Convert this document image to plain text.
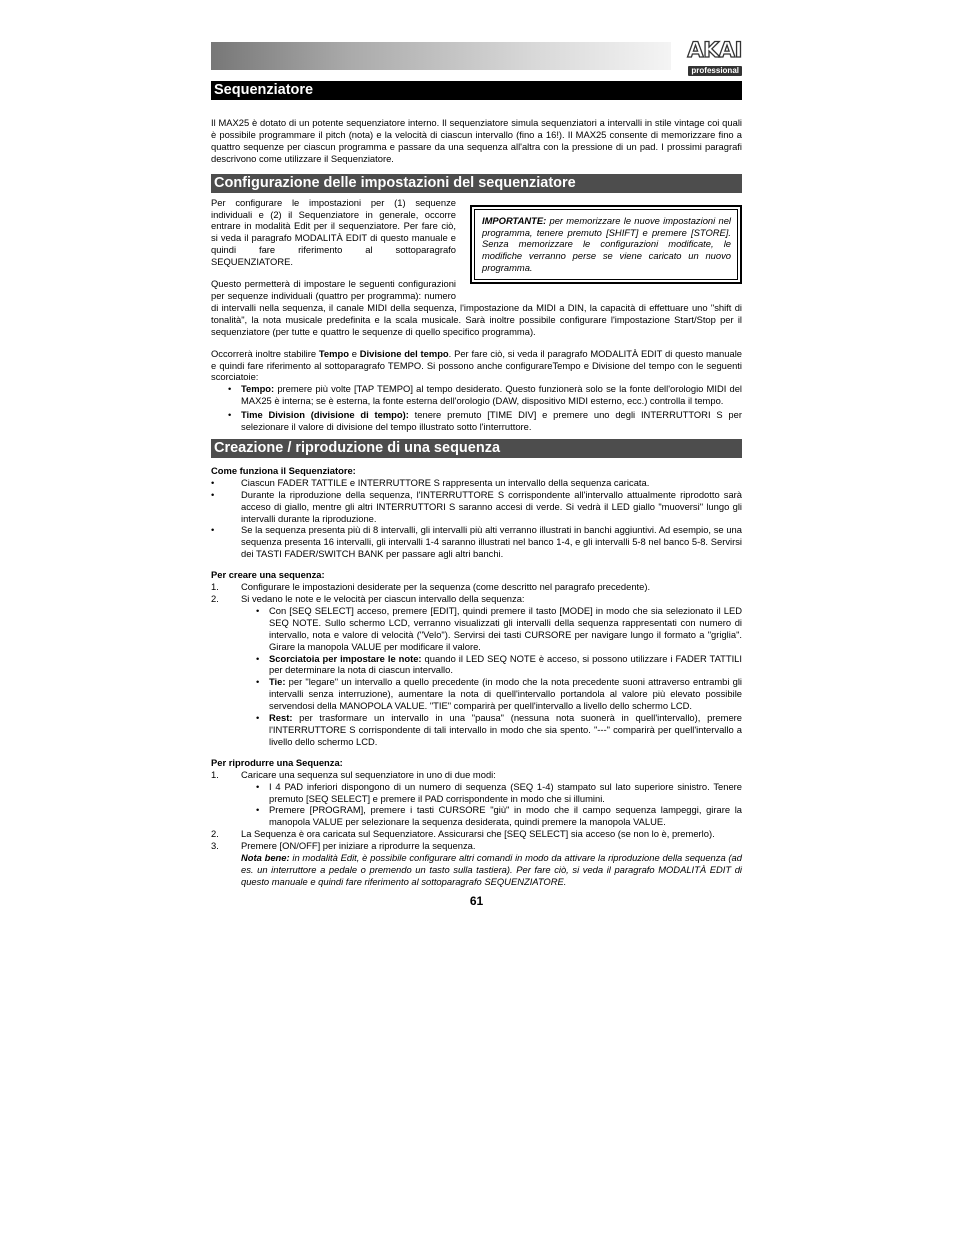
AKAI
professional
Sequenziatore

Il MAX25 è dotato di un potente sequenziatore interno. Il sequenziatore simula sequenziatori a intervalli in stile vintage coi quali è possibile programmare il pitch (nota) e la velocità di ciascun intervallo (fino a 16!). Il MAX25 consente di memorizzare fino a quattro sequenze per ciascun programma e passare da una sequenza all'altra con la pressione di un pad. I prossimi paragrafi descrivono come utilizzare il Sequenziatore.

Configurazione delle impostazioni del sequenziatore

IMPORTANTE: per memorizzare le nuove impostazioni nel programma, tenere premuto [SHIFT] e premere [STORE]. Senza memorizzare le configurazioni modificate, le modifiche verranno perse se viene caricato un nuovo programma.

Per configurare le impostazioni per (1) sequenze individuali e (2) il Sequenziatore in generale, occorre entrare in modalità Edit per il sequenziatore. Per fare ciò, si veda il paragrafo MODALITÀ EDIT di questo manuale e quindi fare riferimento al sottoparagrafo SEQUENZIATORE.

Questo permetterà di impostare le seguenti configurazioni per sequenze individuali (quattro per programma): numero di intervalli nella sequenza, il canale MIDI della sequenza, l'impostazione da MIDI a DIN, la capacità di effettuare uno "shift di tonalità", la nota musicale predefinita e la scala musicale. Sarà inoltre possibile configurare l'impostazione Start/Stop per il sequenziatore (per tutte e quattro le sequenze di quello specifico programma).

Occorrerà inoltre stabilire Tempo e Divisione del tempo. Per fare ciò, si veda il paragrafo MODALITÀ EDIT di questo manuale e quindi fare riferimento al sottoparagrafo TEMPO. Si possono anche configurareTempo e Divisione del tempo con le seguenti scorciatoie:

• Tempo: premere più volte [TAP TEMPO] al tempo desiderato. Questo funzionerà solo se la fonte dell'orologio MIDI del MAX25 è interna; se è esterna, la fonte esterna dell'orologio (DAW, dispositivo MIDI esterno, ecc.) controlla il tempo.
• Time Division (divisione di tempo): tenere premuto [TIME DIV] e premere uno degli INTERRUTTORI S per selezionare il valore di divisione del tempo illustrato sotto l'interruttore.
Creazione / riproduzione di una sequenza

Come funziona il Sequenziatore:

•	Ciascun FADER TATTILE e INTERRUTTORE S rappresenta un intervallo della sequenza caricata.
•	Durante la riproduzione della sequenza, l'INTERRUTTORE S corrispondente all'intervallo attualmente riprodotto sarà acceso di giallo, mentre gli altri INTERRUTTORI S saranno accesi di verde. Si vedrà il LED giallo "muoversi" lungo gli intervalli durante la riproduzione.
•	Se la sequenza presenta più di 8 intervalli, gli intervalli più alti verranno illustrati in banchi aggiuntivi. Ad esempio, se una sequenza presenta 16 intervalli, gli intervalli 1-4 saranno illustrati nel banco 1-4, e gli intervalli 5-8 nel banco 5-8. Servirsi dei TASTI FADER/SWITCH BANK per passare agli altri banchi.

Per creare una sequenza:

1. Configurare le impostazioni desiderate per la sequenza (come descritto nel paragrafo precedente).
2. Si vedano le note e le velocità per ciascun intervallo della sequenza:
• Con [SEQ SELECT] acceso, premere [EDIT], quindi premere il tasto [MODE] in modo che sia selezionato il LED SEQ NOTE. Sullo schermo LCD, verranno visualizzati gli intervalli della sequenza rappresentati con numero di intervallo, nota e valore di velocità ("Velo"). Servirsi dei tasti CURSORE per navigare lungo il formato a "griglia". Girare la manopola VALUE per modificare il valore.
• Scorciatoia per impostare le note: quando il LED SEQ NOTE è acceso, si possono utilizzare i FADER TATTILI per determinare la nota di ciascun intervallo.
• Tie: per "legare" un intervallo a quello precedente (in modo che la nota precedente suoni attraverso entrambi gli intervalli senza interruzione), aumentare la nota di quell'intervallo portandola al valore più elevato possibile servendosi della MANOPOLA VALUE. "TIE" comparirà per quell'intervallo a livello dello schermo LCD.
• Rest: per trasformare un intervallo in una "pausa" (nessuna nota suonerà in quell'intervallo), premere l'INTERRUTTORE S corrispondente di tali intervallo in modo che sia spento. "---" comparirà per quell'intervallo a livello dello schermo LCD.

Per riprodurre una Sequenza:

1. Caricare una sequenza sul sequenziatore in uno di due modi:
• I 4 PAD inferiori dispongono di un numero di sequenza (SEQ 1-4) stampato sul lato superiore sinistro. Tenere premuto [SEQ SELECT] e premere il PAD corrispondente in modo che si illumini.
• Premere [PROGRAM], premere i tasti CURSORE "giù" in modo che il campo sequenza lampeggi, girare la manopola VALUE per selezionare la sequenza desiderata, quindi premere la manopola VALUE.
2. La Sequenza è ora caricata sul Sequenziatore. Assicurarsi che [SEQ SELECT] sia acceso (se non lo è, premerlo).
3. Premere [ON/OFF] per iniziare a riprodurre la sequenza.
Nota bene: in modalità Edit, è possibile configurare altri comandi in modo da attivare la riproduzione della sequenza (ad es. un interruttore a pedale o premendo un tasto sulla tastiera). Per fare ciò, si veda il paragrafo MODALITÀ EDIT di questo manuale e quindi fare riferimento al sottoparagrafo SEQUENZIATORE.
61
